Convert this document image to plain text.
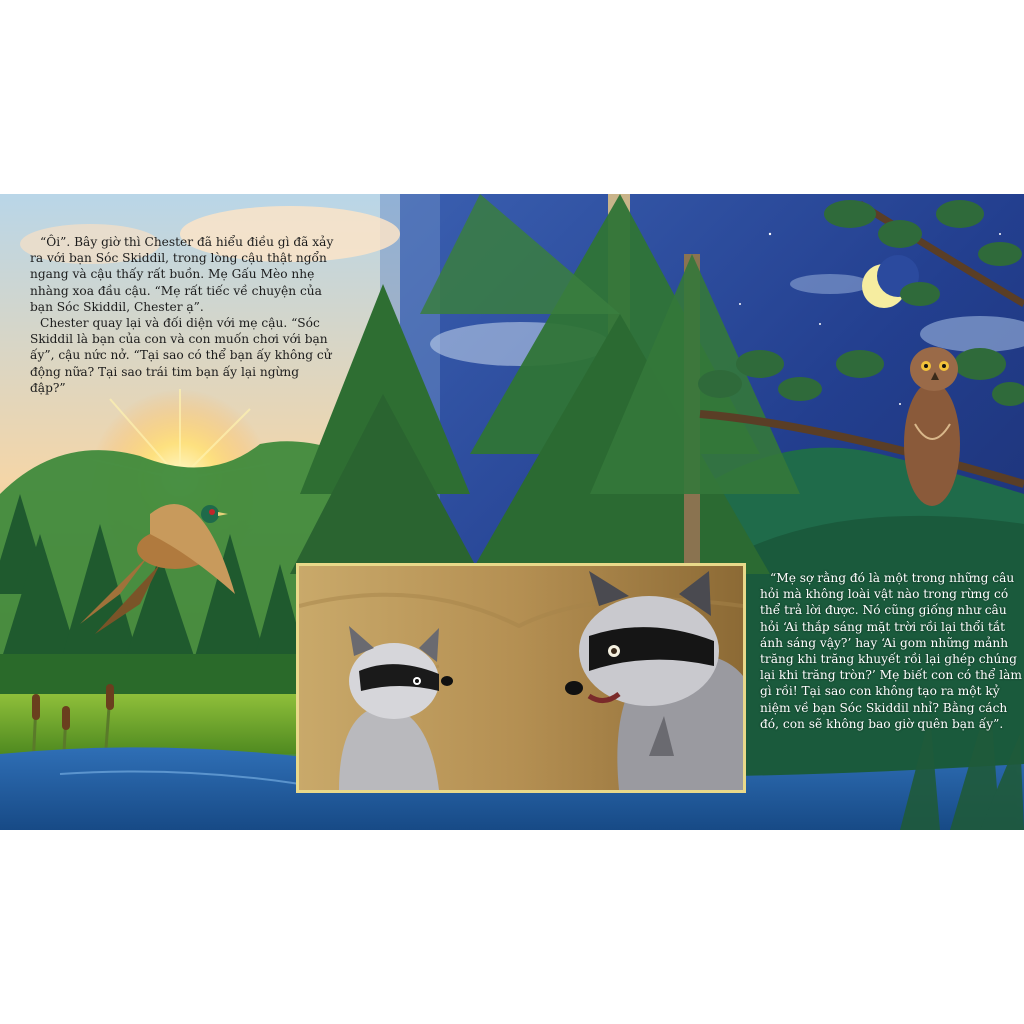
“Ôi”. Bây giờ thì Chester đã hiểu điều gì đã xảy ra với bạn Sóc Skiddil, trong lòng cậu thật ngổn ngang và cậu thấy rất buồn. Mẹ Gấu Mèo nhẹ nhàng xoa đầu cậu. “Mẹ rất tiếc về chuyện của bạn Sóc Skiddil, Chester ạ”.

Chester quay lại và đối diện với mẹ cậu. “Sóc Skiddil là bạn của con và con muốn chơi với bạn ấy”, cậu nức nở. “Tại sao có thể bạn ấy không cử động nữa? Tại sao trái tim bạn ấy lại ngừng đập?”

“Mẹ sợ rằng đó là một trong những câu hỏi mà không loài vật nào trong rừng có thể trả lời được. Nó cũng giống như câu hỏi ‘Ai thắp sáng mặt trời rồi lại thổi tắt ánh sáng vậy?’ hay ‘Ai gom những mảnh trăng khi trăng khuyết rồi lại ghép chúng lại khi trăng tròn?’ Mẹ biết con có thể làm gì rồi! Tại sao con không tạo ra một kỷ niệm về bạn Sóc Skiddil nhỉ? Bằng cách đó, con sẽ không bao giờ quên bạn ấy”.
